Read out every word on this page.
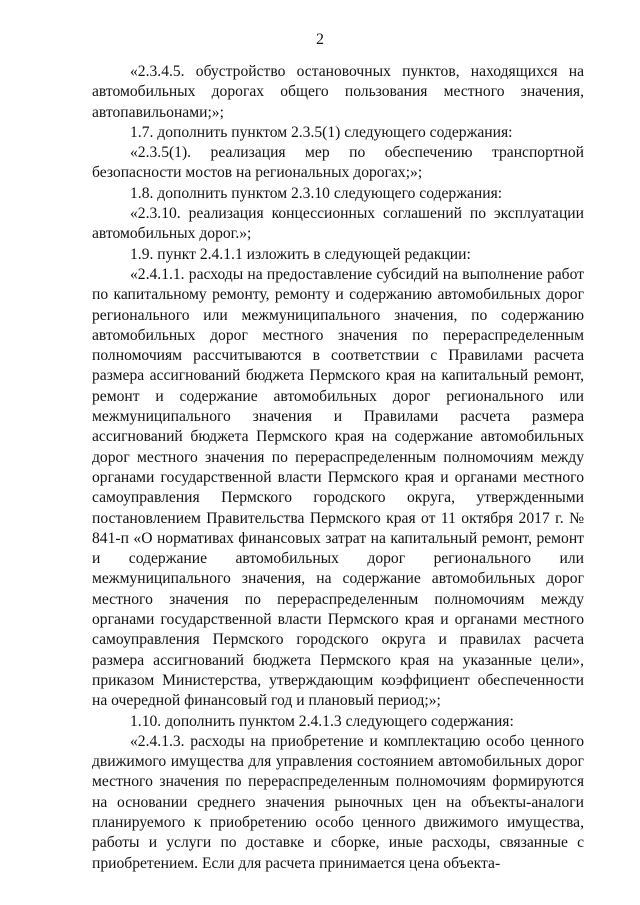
2

«2.3.4.5. обустройство остановочных пунктов, находящихся на автомобильных дорогах общего пользования местного значения, автопавильонами;»;

1.7. дополнить пунктом 2.3.5(1) следующего содержания:

«2.3.5(1). реализация мер по обеспечению транспортной безопасности мостов на региональных дорогах;»;

1.8. дополнить пунктом 2.3.10 следующего содержания:

«2.3.10. реализация концессионных соглашений по эксплуатации автомобильных дорог.»;

1.9. пункт 2.4.1.1 изложить в следующей редакции:

«2.4.1.1. расходы на предоставление субсидий на выполнение работ по капитальному ремонту, ремонту и содержанию автомобильных дорог регионального или межмуниципального значения, по содержанию автомобильных дорог местного значения по перераспределенным полномочиям рассчитываются в соответствии с Правилами расчета размера ассигнований бюджета Пермского края на капитальный ремонт, ремонт и содержание автомобильных дорог регионального или межмуниципального значения и Правилами расчета размера ассигнований бюджета Пермского края на содержание автомобильных дорог местного значения по перераспределенным полномочиям между органами государственной власти Пермского края и органами местного самоуправления Пермского городского округа, утвержденными постановлением Правительства Пермского края от 11 октября 2017 г. № 841-п «О нормативах финансовых затрат на капитальный ремонт, ремонт и содержание автомобильных дорог регионального или межмуниципального значения, на содержание автомобильных дорог местного значения по перераспределенным полномочиям между органами государственной власти Пермского края и органами местного самоуправления Пермского городского округа и правилах расчета размера ассигнований бюджета Пермского края на указанные цели», приказом Министерства, утверждающим коэффициент обеспеченности на очередной финансовый год и плановый период;»;

1.10. дополнить пунктом 2.4.1.3 следующего содержания:

«2.4.1.3. расходы на приобретение и комплектацию особо ценного движимого имущества для управления состоянием автомобильных дорог местного значения по перераспределенным полномочиям формируются на основании среднего значения рыночных цен на объекты-аналоги планируемого к приобретению особо ценного движимого имущества, работы и услуги по доставке и сборке, иные расходы, связанные с приобретением. Если для расчета принимается цена объекта-
